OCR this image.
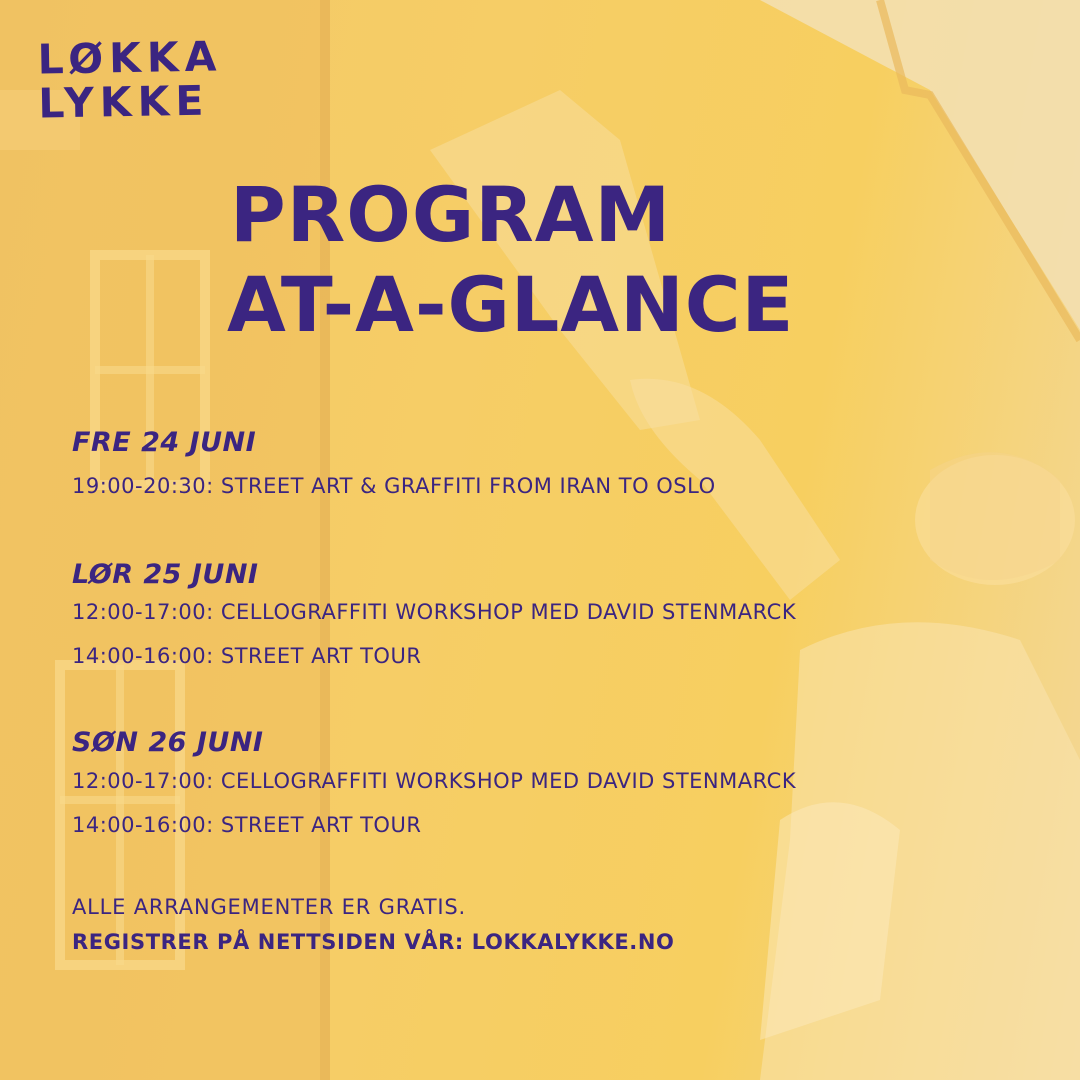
LØKKA
LYKKE
PROGRAM
AT-A-GLANCE
FRE 24 JUNI

19:00-20:30: STREET ART & GRAFFITI FROM IRAN TO OSLO

LØR 25 JUNI

12:00-17:00: CELLOGRAFFITI WORKSHOP MED DAVID STENMARCK

14:00-16:00: STREET ART TOUR

SØN 26 JUNI

12:00-17:00: CELLOGRAFFITI WORKSHOP MED DAVID STENMARCK

14:00-16:00: STREET ART TOUR

ALLE ARRANGEMENTER ER GRATIS.

REGISTRER PÅ NETTSIDEN VÅR: LOKKALYKKE.NO
